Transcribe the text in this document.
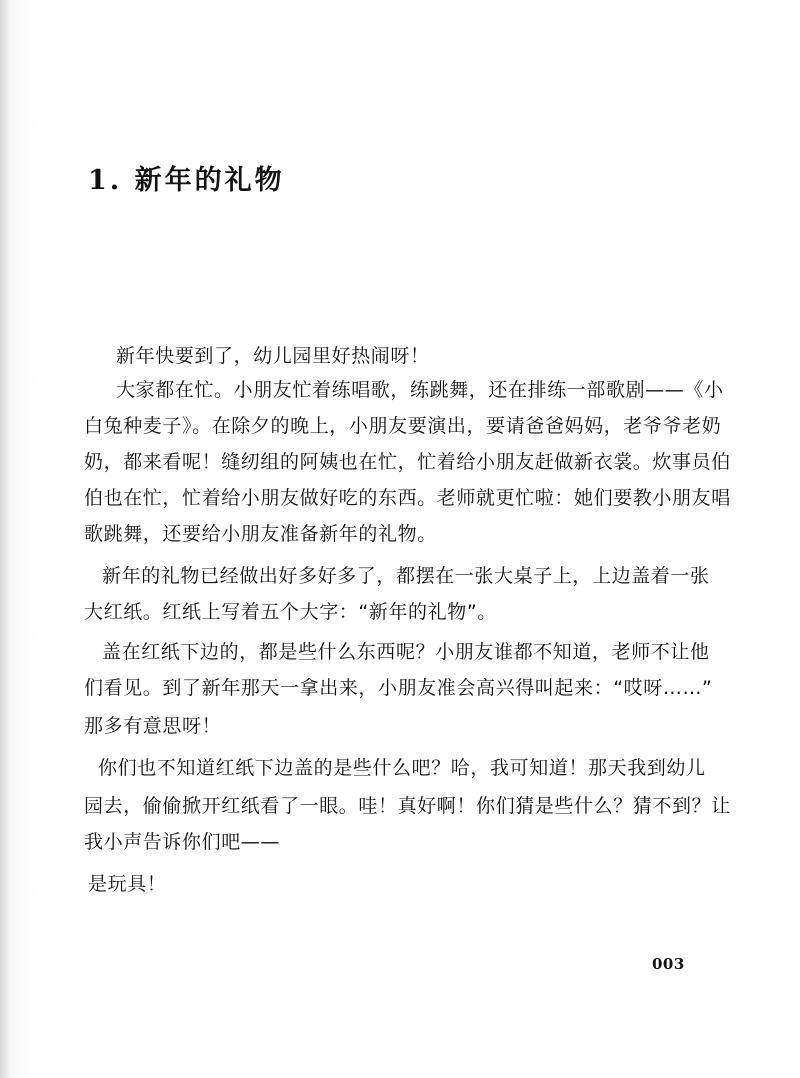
1. 新年的礼物
新年快要到了，幼儿园里好热闹呀！
大家都在忙。小朋友忙着练唱歌，练跳舞，还在排练一部歌剧——《小
白兔种麦子》。在除夕的晚上，小朋友要演出，要请爸爸妈妈，老爷爷老奶
奶，都来看呢！缝纫组的阿姨也在忙，忙着给小朋友赶做新衣裳。炊事员伯
伯也在忙，忙着给小朋友做好吃的东西。老师就更忙啦：她们要教小朋友唱
歌跳舞，还要给小朋友准备新年的礼物。
新年的礼物已经做出好多好多了，都摆在一张大桌子上，上边盖着一张
大红纸。红纸上写着五个大字：“新年的礼物”。
盖在红纸下边的，都是些什么东西呢？小朋友谁都不知道，老师不让他
们看见。到了新年那天一拿出来，小朋友准会高兴得叫起来：“哎呀……”
那多有意思呀！
你们也不知道红纸下边盖的是些什么吧？哈，我可知道！那天我到幼儿
园去，偷偷掀开红纸看了一眼。哇！真好啊！你们猜是些什么？猜不到？让
我小声告诉你们吧——
是玩具！
003
